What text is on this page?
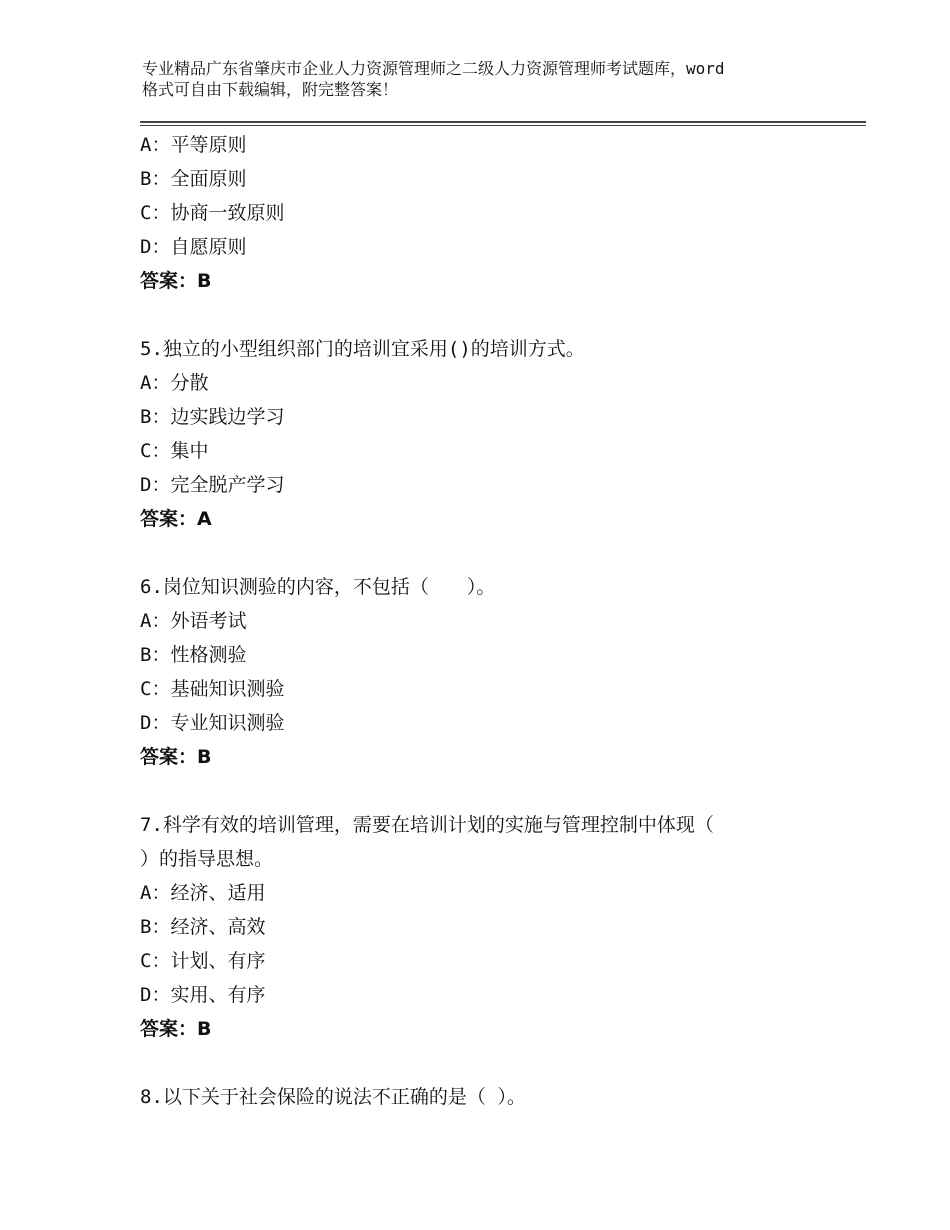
专业精品广东省肇庆市企业人力资源管理师之二级人力资源管理师考试题库，word
格式可自由下载编辑，附完整答案！
A：平等原则
B：全面原则
C：协商一致原则
D：自愿原则
答案：B
5.独立的小型组织部门的培训宜采用()的培训方式。
A：分散
B：边实践边学习
C：集中
D：完全脱产学习
答案：A
6.岗位知识测验的内容，不包括（　　）。
A：外语考试
B：性格测验
C：基础知识测验
D：专业知识测验
答案：B
7.科学有效的培训管理，需要在培训计划的实施与管理控制中体现（
）的指导思想。
A：经济、适用
B：经济、高效
C：计划、有序
D：实用、有序
答案：B
8.以下关于社会保险的说法不正确的是（ ）。
